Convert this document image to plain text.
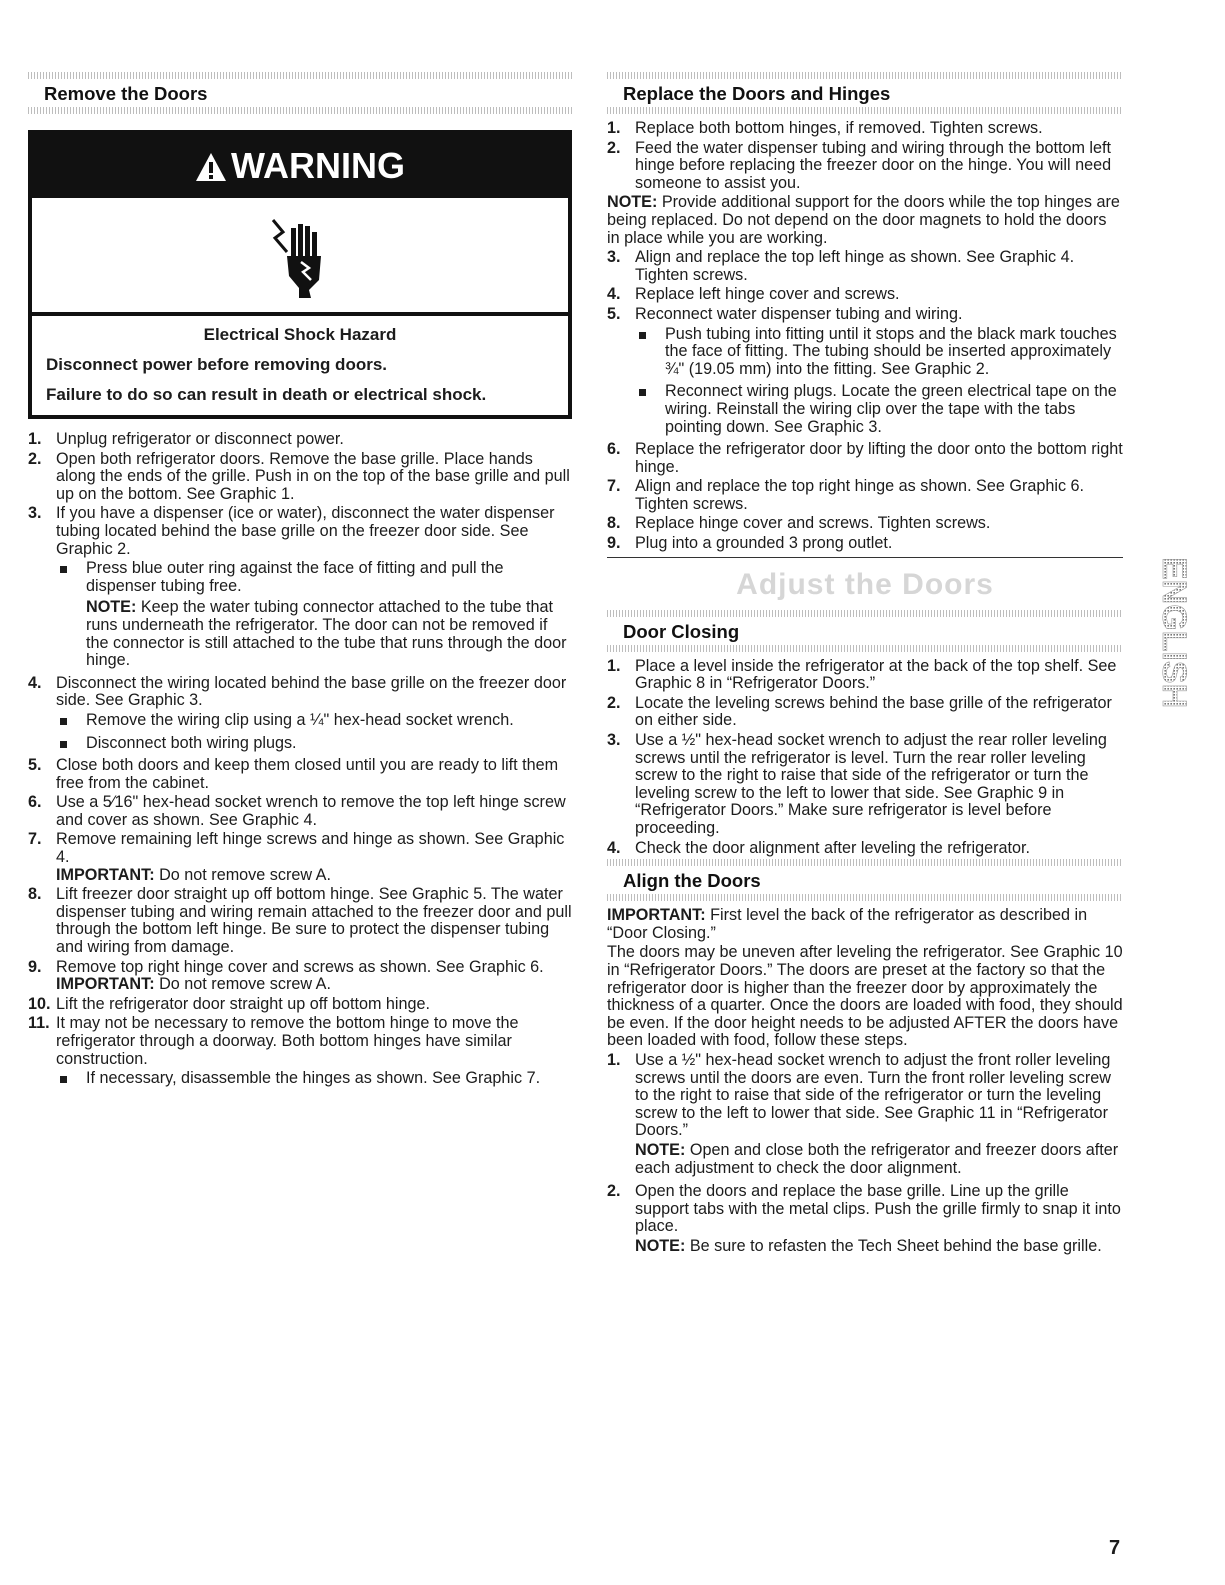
Remove the Doors
WARNING
Electrical Shock Hazard
Disconnect power before removing doors.
Failure to do so can result in death or electrical shock.
1. Unplug refrigerator or disconnect power.
2. Open both refrigerator doors. Remove the base grille. Place hands along the ends of the grille. Push in on the top of the base grille and pull up on the bottom. See Graphic 1.
3. If you have a dispenser (ice or water), disconnect the water dispenser tubing located behind the base grille on the freezer door side. See Graphic 2.
Press blue outer ring against the face of fitting and pull the dispenser tubing free.
NOTE: Keep the water tubing connector attached to the tube that runs underneath the refrigerator. The door can not be removed if the connector is still attached to the tube that runs through the door hinge.
4. Disconnect the wiring located behind the base grille on the freezer door side. See Graphic 3.
Remove the wiring clip using a ¼" hex-head socket wrench.
Disconnect both wiring plugs.
5. Close both doors and keep them closed until you are ready to lift them free from the cabinet.
6. Use a 5⁄16" hex-head socket wrench to remove the top left hinge screw and cover as shown. See Graphic 4.
7. Remove remaining left hinge screws and hinge as shown. See Graphic 4.
IMPORTANT: Do not remove screw A.
8. Lift freezer door straight up off bottom hinge. See Graphic 5. The water dispenser tubing and wiring remain attached to the freezer door and pull through the bottom left hinge. Be sure to protect the dispenser tubing and wiring from damage.
9. Remove top right hinge cover and screws as shown. See Graphic 6.
IMPORTANT: Do not remove screw A.
10. Lift the refrigerator door straight up off bottom hinge.
11. It may not be necessary to remove the bottom hinge to move the refrigerator through a doorway. Both bottom hinges have similar construction.
If necessary, disassemble the hinges as shown. See Graphic 7.
Replace the Doors and Hinges
1. Replace both bottom hinges, if removed. Tighten screws.
2. Feed the water dispenser tubing and wiring through the bottom left hinge before replacing the freezer door on the hinge. You will need someone to assist you.
NOTE: Provide additional support for the doors while the top hinges are being replaced. Do not depend on the door magnets to hold the doors in place while you are working.
3. Align and replace the top left hinge as shown. See Graphic 4. Tighten screws.
4. Replace left hinge cover and screws.
5. Reconnect water dispenser tubing and wiring.
Push tubing into fitting until it stops and the black mark touches the face of fitting. The tubing should be inserted approximately ¾" (19.05 mm) into the fitting. See Graphic 2.
Reconnect wiring plugs. Locate the green electrical tape on the wiring. Reinstall the wiring clip over the tape with the tabs pointing down. See Graphic 3.
6. Replace the refrigerator door by lifting the door onto the bottom right hinge.
7. Align and replace the top right hinge as shown. See Graphic 6. Tighten screws.
8. Replace hinge cover and screws. Tighten screws.
9. Plug into a grounded 3 prong outlet.
Adjust the Doors
Door Closing
1. Place a level inside the refrigerator at the back of the top shelf. See Graphic 8 in “Refrigerator Doors.”
2. Locate the leveling screws behind the base grille of the refrigerator on either side.
3. Use a ½" hex-head socket wrench to adjust the rear roller leveling screws until the refrigerator is level. Turn the rear roller leveling screw to the right to raise that side of the refrigerator or turn the leveling screw to the left to lower that side. See Graphic 9 in “Refrigerator Doors.” Make sure refrigerator is level before proceeding.
4. Check the door alignment after leveling the refrigerator.
Align the Doors
IMPORTANT: First level the back of the refrigerator as described in “Door Closing.”
The doors may be uneven after leveling the refrigerator. See Graphic 10 in “Refrigerator Doors.” The doors are preset at the factory so that the refrigerator door is higher than the freezer door by approximately the thickness of a quarter. Once the doors are loaded with food, they should be even. If the door height needs to be adjusted AFTER the doors have been loaded with food, follow these steps.
1. Use a ½" hex-head socket wrench to adjust the front roller leveling screws until the doors are even. Turn the front roller leveling screw to the right to raise that side of the refrigerator or turn the leveling screw to the left to lower that side. See Graphic 11 in “Refrigerator Doors.”
NOTE: Open and close both the refrigerator and freezer doors after each adjustment to check the door alignment.
2. Open the doors and replace the base grille. Line up the grille support tabs with the metal clips. Push the grille firmly to snap it into place.
NOTE: Be sure to refasten the Tech Sheet behind the base grille.
ENGLISH
7
